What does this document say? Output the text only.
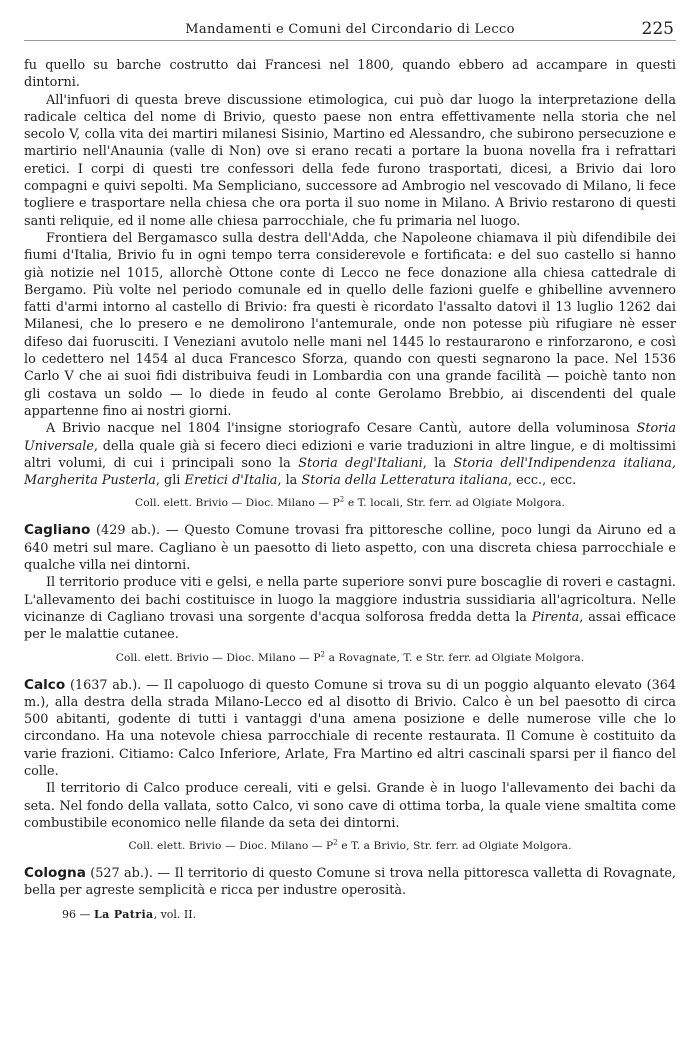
Mandamenti e Comuni del Circondario di Lecco	225

fu quello su barche costrutto dai Francesi nel 1800, quando ebbero ad accampare in questi dintorni.

All'infuori di questa breve discussione etimologica, cui può dar luogo la interpretazione della radicale celtica del nome di Brivio, questo paese non entra effettivamente nella storia che nel secolo V, colla vita dei martiri milanesi Sisinio, Martino ed Alessandro, che subirono persecuzione e martirio nell'Anaunia (valle di Non) ove si erano recati a portare la buona novella fra i refrattari eretici. I corpi di questi tre confessori della fede furono trasportati, dicesi, a Brivio dai loro compagni e quivi sepolti. Ma Sempliciano, successore ad Ambrogio nel vescovado di Milano, li fece togliere e trasportare nella chiesa che ora porta il suo nome in Milano. A Brivio restarono di questi santi reliquie, ed il nome alle chiesa parrocchiale, che fu primaria nel luogo.

Frontiera del Bergamasco sulla destra dell'Adda, che Napoleone chiamava il più difendibile dei fiumi d'Italia, Brivio fu in ogni tempo terra considerevole e fortificata: e del suo castello si hanno già notizie nel 1015, allorchè Ottone conte di Lecco ne fece donazione alla chiesa cattedrale di Bergamo. Più volte nel periodo comunale ed in quello delle fazioni guelfe e ghibelline avvennero fatti d'armi intorno al castello di Brivio: fra questi è ricordato l'assalto datovi il 13 luglio 1262 dai Milanesi, che lo presero e ne demolirono l'antemurale, onde non potesse più rifugiare nè esser difeso dai fuorusciti. I Veneziani avutolo nelle mani nel 1445 lo restaurarono e rinforzarono, e così lo cedettero nel 1454 al duca Francesco Sforza, quando con questi segnarono la pace. Nel 1536 Carlo V che ai suoi fidi distribuiva feudi in Lombardia con una grande facilità — poichè tanto non gli costava un soldo — lo diede in feudo al conte Gerolamo Brebbio, ai discendenti del quale appartenne fino ai nostri giorni.

A Brivio nacque nel 1804 l'insigne storiografo Cesare Cantù, autore della voluminosa Storia Universale, della quale già si fecero dieci edizioni e varie traduzioni in altre lingue, e di moltissimi altri volumi, di cui i principali sono la Storia degl'Italiani, la Storia dell'Indipendenza italiana, Margherita Pusterla, gli Eretici d'Italia, la Storia della Letteratura italiana, ecc., ecc.

Coll. elett. Brivio — Dioc. Milano — $P^2$ e T. locali, Str. ferr. ad Olgiate Molgora.

Cagliano (429 ab.). — Questo Comune trovasi fra pittoresche colline, poco lungi da Airuno ed a 640 metri sul mare. Cagliano è un paesotto di lieto aspetto, con una discreta chiesa parrocchiale e qualche villa nei dintorni.

Il territorio produce viti e gelsi, e nella parte superiore sonvi pure boscaglie di roveri e castagni. L'allevamento dei bachi costituisce in luogo la maggiore industria sussidiaria all'agricoltura. Nelle vicinanze di Cagliano trovasi una sorgente d'acqua solforosa fredda detta la Pirenta, assai efficace per le malattie cutanee.

Coll. elett. Brivio — Dioc. Milano — $P^2$ a Rovagnate, T. e Str. ferr. ad Olgiate Molgora.

Calco (1637 ab.). — Il capoluogo di questo Comune si trova su di un poggio alquanto elevato (364 m.), alla destra della strada Milano-Lecco ed al disotto di Brivio. Calco è un bel paesotto di circa 500 abitanti, godente di tutti i vantaggi d'una amena posizione e delle numerose ville che lo circondano. Ha una notevole chiesa parrocchiale di recente restaurata. Il Comune è costituito da varie frazioni. Citiamo: Calco Inferiore, Arlate, Fra Martino ed altri cascinali sparsi per il fianco del colle.

Il territorio di Calco produce cereali, viti e gelsi. Grande è in luogo l'allevamento dei bachi da seta. Nel fondo della vallata, sotto Calco, vi sono cave di ottima torba, la quale viene smaltita come combustibile economico nelle filande da seta dei dintorni.

Coll. elett. Brivio — Dioc. Milano — $P^2$ e T. a Brivio, Str. ferr. ad Olgiate Molgora.

Cologna (527 ab.). — Il territorio di questo Comune si trova nella pittoresca valletta di Rovagnate, bella per agreste semplicità e ricca per industre operosità.

96 — La Patria, vol. II.
